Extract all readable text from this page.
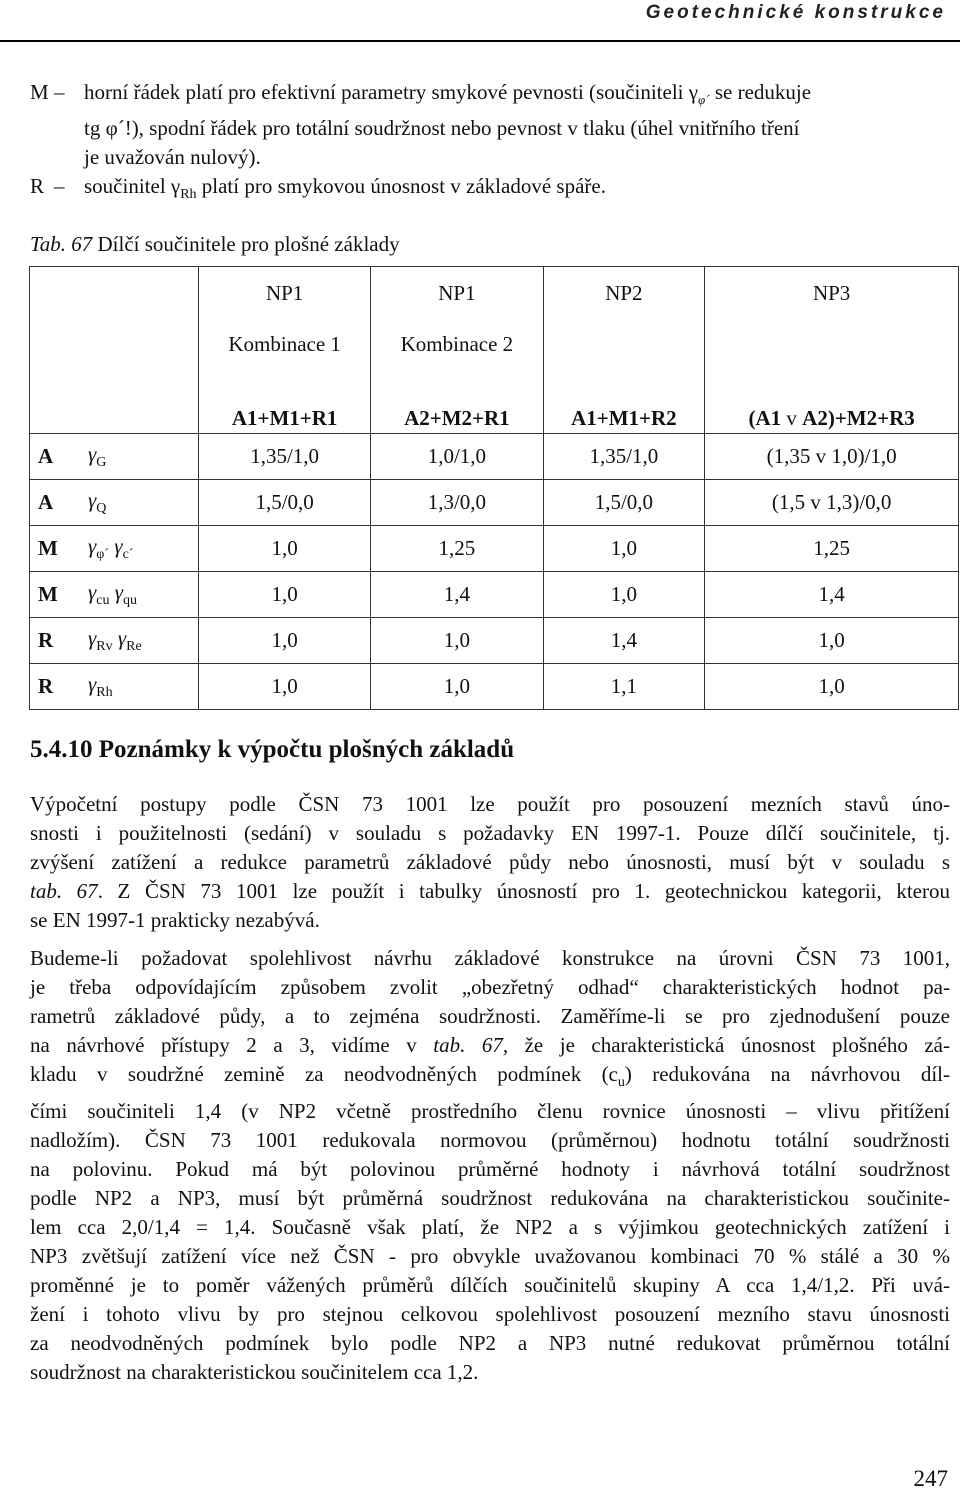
Geotechnické konstrukce
M – horní řádek platí pro efektivní parametry smykové pevnosti (součiniteli $\gamma_{\varphi´}$ se redukuje
tg φ´!), spodní řádek pro totální soudržnost nebo pevnost v tlaku (úhel vnitřního tření
je uvažován nulový).
R – součinitel $\gamma_{Rh}$ platí pro smykovou únosnost v základové spáře.
Tab. 67 Dílčí součinitele pro plošné základy
		NP1	NP1	NP2	NP3
		Kombinace 1	Kombinace 2		
		A1+M1+R1	A2+M2+R1	A1+M1+R2	(A1 v A2)+M2+R3
A	$\gamma_G$	1,35/1,0	1,0/1,0	1,35/1,0	(1,35 v 1,0)/1,0
A	$\gamma_Q$	1,5/0,0	1,3/0,0	1,5/0,0	(1,5 v 1,3)/0,0
M	$\gamma_{\varphi´}$ $\gamma_{c´}$	1,0	1,25	1,0	1,25
M	$\gamma_{cu}$ $\gamma_{qu}$	1,0	1,4	1,0	1,4
R	$\gamma_{Rv}$ $\gamma_{Re}$	1,0	1,0	1,4	1,0
R	$\gamma_{Rh}$	1,0	1,0	1,1	1,0
5.4.10 Poznámky k výpočtu plošných základů
Výpočetní postupy podle ČSN 73 1001 lze použít pro posouzení mezních stavů úno-
snosti i použitelnosti (sedání) v souladu s požadavky EN 1997-1. Pouze dílčí součinitele, tj.
zvýšení zatížení a redukce parametrů základové půdy nebo únosnosti, musí být v souladu s
tab. 67. Z ČSN 73 1001 lze použít i tabulky únosností pro 1. geotechnickou kategorii, kterou
se EN 1997-1 prakticky nezabývá.
Budeme-li požadovat spolehlivost návrhu základové konstrukce na úrovni ČSN 73 1001,
je třeba odpovídajícím způsobem zvolit „obezřetný odhad“ charakteristických hodnot pa-
rametrů základové půdy, a to zejména soudržnosti. Zaměříme-li se pro zjednodušení pouze
na návrhové přístupy 2 a 3, vidíme v tab. 67, že je charakteristická únosnost plošného zá-
kladu v soudržné zemině za neodvodněných podmínek $(c_u)$ redukována na návrhovou díl-
čími součiniteli 1,4 (v NP2 včetně prostředního členu rovnice únosnosti – vlivu přitížení
nadložím). ČSN 73 1001 redukovala normovou (průměrnou) hodnotu totální soudržnosti
na polovinu. Pokud má být polovinou průměrné hodnoty i návrhová totální soudržnost
podle NP2 a NP3, musí být průměrná soudržnost redukována na charakteristickou součinite-
lem cca 2,0/1,4 = 1,4. Současně však platí, že NP2 a s výjimkou geotechnických zatížení i
NP3 zvětšují zatížení více než ČSN - pro obvykle uvažovanou kombinaci 70 % stálé a 30 %
proměnné je to poměr vážených průměrů dílčích součinitelů skupiny A cca 1,4/1,2. Při uvá-
žení i tohoto vlivu by pro stejnou celkovou spolehlivost posouzení mezního stavu únosnosti
za neodvodněných podmínek bylo podle NP2 a NP3 nutné redukovat průměrnou totální
soudržnost na charakteristickou součinitelem cca 1,2.
247
